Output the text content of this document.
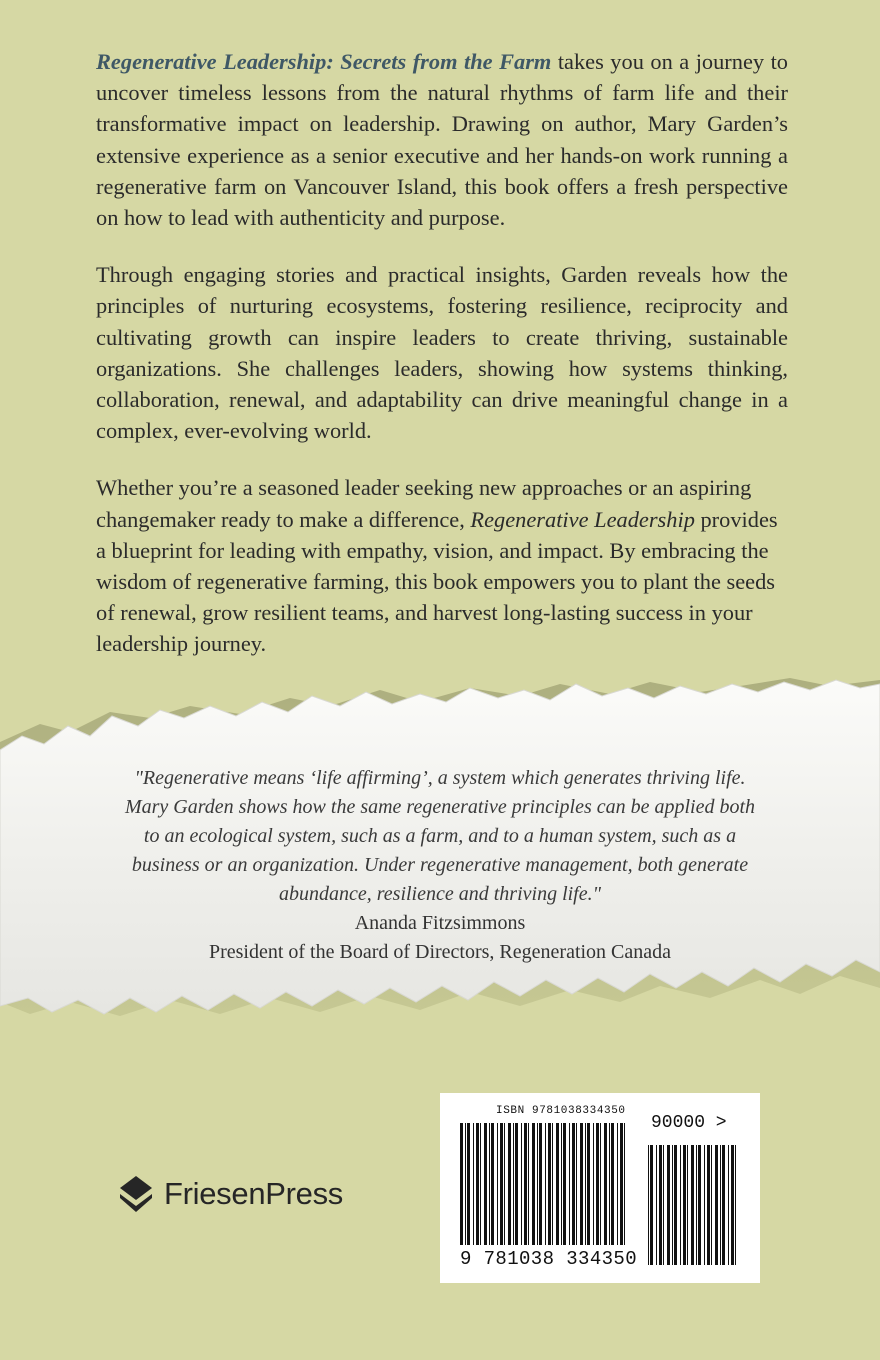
Regenerative Leadership: Secrets from the Farm takes you on a journey to uncover timeless lessons from the natural rhythms of farm life and their transformative impact on leadership. Drawing on author, Mary Garden’s extensive experience as a senior executive and her hands-on work running a regenerative farm on Vancouver Island, this book offers a fresh perspective on how to lead with authenticity and purpose.

Through engaging stories and practical insights, Garden reveals how the principles of nurturing ecosystems, fostering resilience, reciprocity and cultivating growth can inspire leaders to create thriving, sustainable organizations. She challenges leaders, showing how systems thinking, collaboration, renewal, and adaptability can drive meaningful change in a complex, ever-evolving world.

Whether you’re a seasoned leader seeking new approaches or an aspiring changemaker ready to make a difference, Regenerative Leadership provides a blueprint for leading with empathy, vision, and impact. By embracing the wisdom of regenerative farming, this book empowers you to plant the seeds of renewal, grow resilient teams, and harvest long-lasting success in your leadership journey.

"Regenerative means ‘life affirming’, a system which generates thriving life. Mary Garden shows how the same regenerative principles can be applied both to an ecological system, such as a farm, and to a human system, such as a business or an organization. Under regenerative management, both generate abundance, resilience and thriving life."

Ananda Fitzsimmons

President of the Board of Directors, Regeneration Canada

FriesenPress
ISBN 9781038334350
90000 >
9 781038 334350
